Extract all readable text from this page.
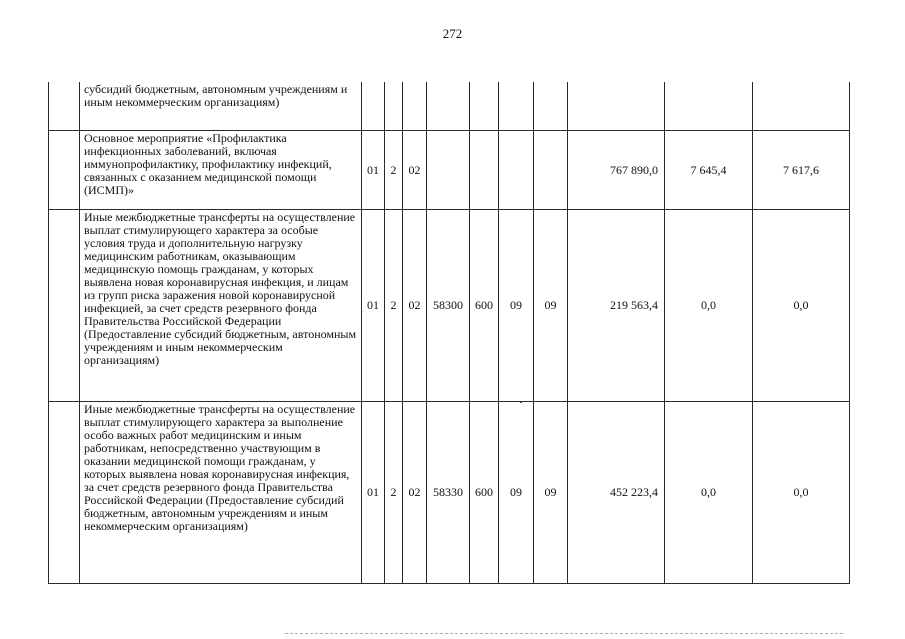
272
	субсидий бюджетным, автономным учреждениям и иным некоммерческим организациям)										
	Основное мероприятие «Профилактика инфекционных заболеваний, включая иммунопрофилактику, профилактику инфекций, связанных с оказанием медицинской помощи (ИСМП)»	01	2	02					767 890,0	7 645,4	7 617,6
	Иные межбюджетные трансферты на осуществление выплат стимулирующего характера за особые условия труда и дополнительную нагрузку медицинским работникам, оказывающим медицинскую помощь гражданам, у которых выявлена новая коронавирусная инфекция, и лицам из групп риска заражения новой коронавирусной инфекцией, за счет средств резервного фонда Правительства Российской Федерации (Предоставление субсидий бюджетным, автономным учреждениям и иным некоммерческим организациям)	01	2	02	58300	600	09	09	219 563,4	0,0	0,0
	Иные межбюджетные трансферты на осуществление выплат стимулирующего характера за выполнение особо важных работ медицинским и иным работникам, непосредственно участвующим в оказании медицинской помощи гражданам, у которых выявлена новая коронавирусная инфекция, за счет средств резервного фонда Правительства Российской Федерации (Предоставление субсидий бюджетным, автономным учреждениям и иным некоммерческим организациям)	01	2	02	58330	600	09	09	452 223,4	0,0	0,0
